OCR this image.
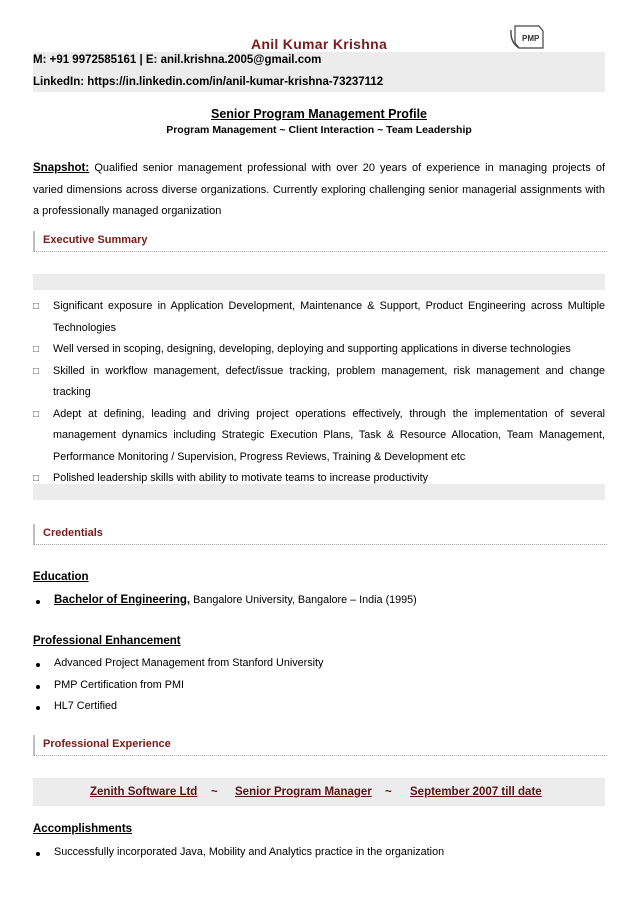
Anil Kumar Krishna	PMP
M: +91 9972585161 | E: anil.krishna.2005@gmail.com
LinkedIn: https://in.linkedin.com/in/anil-kumar-krishna-73237112
Senior Program Management Profile
Program Management ~ Client Interaction ~ Team Leadership
Snapshot: Qualified senior management professional with over 20 years of experience in managing projects of varied dimensions across diverse organizations. Currently exploring challenging senior managerial assignments with a professionally managed organization
Executive Summary
□ Significant exposure in Application Development, Maintenance & Support, Product Engineering across Multiple Technologies
□ Well versed in scoping, designing, developing, deploying and supporting applications in diverse technologies
□ Skilled in workflow management, defect/issue tracking, problem management, risk management and change tracking
□ Adept at defining, leading and driving project operations effectively, through the implementation of several management dynamics including Strategic Execution Plans, Task & Resource Allocation, Team Management, Performance Monitoring / Supervision, Progress Reviews, Training & Development etc
□ Polished leadership skills with ability to motivate teams to increase productivity
Credentials
Education
Bachelor of Engineering, Bangalore University, Bangalore – India (1995)
Professional Enhancement
Advanced Project Management from Stanford University
PMP Certification from PMI
HL7 Certified
Professional Experience
Zenith Software Ltd ~ Senior Program Manager ~ September 2007 till date
Accomplishments
Successfully incorporated Java, Mobility and Analytics practice in the organization
